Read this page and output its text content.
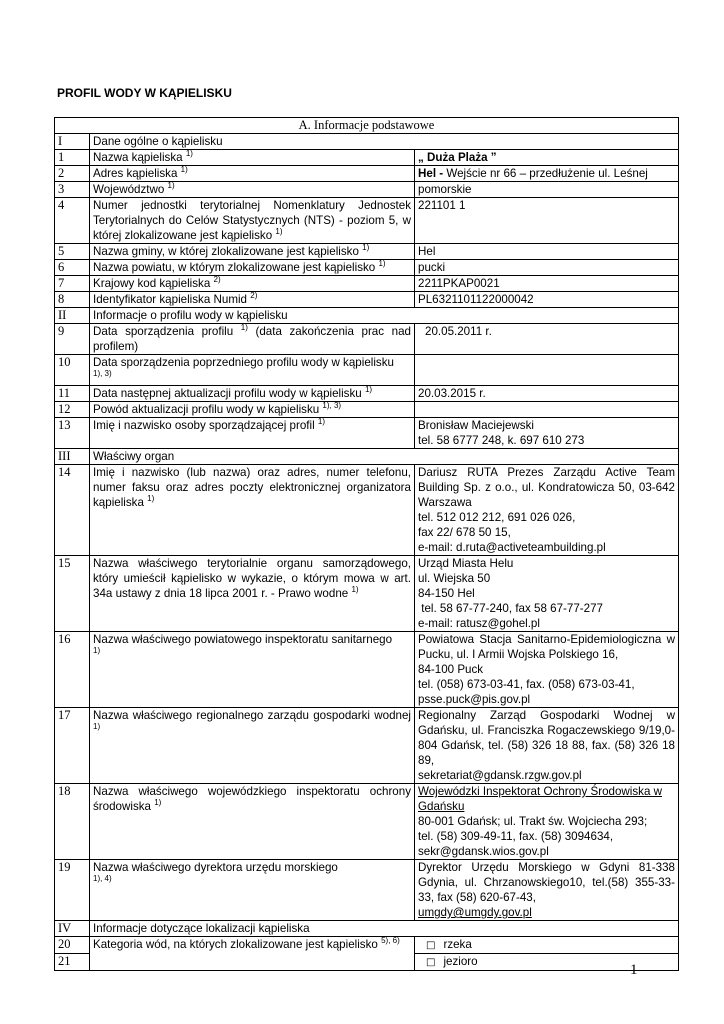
PROFIL WODY W KĄPIELISKU
A. Informacje podstawowe		
I	Dane ogólne o kąpielisku	
1	Nazwa kąpieliska $^{1)}$	„ Duża Plaża ”
2	Adres kąpieliska $^{1)}$	Hel - Wejście nr 66 – przedłużenie ul. Leśnej
3	Województwo $^{1)}$	pomorskie
4	Numer jednostki terytorialnej Nomenklatury Jednostek Terytorialnych do Celów Statystycznych (NTS) - poziom 5, w której zlokalizowane jest kąpielisko $^{1)}$	221101 1
5	Nazwa gminy, w której zlokalizowane jest kąpielisko $^{1)}$	Hel
6	Nazwa powiatu, w którym zlokalizowane jest kąpielisko $^{1)}$	pucki
7	Krajowy kod kąpieliska $^{2)}$	2211PKAP0021
8	Identyfikator kąpieliska Numid $^{2)}$	PL6321101122000042
II	Informacje o profilu wody w kąpielisku	
9	Data sporządzenia profilu $^{1)}$ (data zakończenia prac nad profilem)	20.05.2011 r.
10	Data sporządzenia poprzedniego profilu wody w kąpielisku
$^{1), 3)}$	
11	Data następnej aktualizacji profilu wody w kąpielisku $^{1)}$	20.03.2015 r.
12	Powód aktualizacji profilu wody w kąpielisku $^{1), 3)}$	
13	Imię i nazwisko osoby sporządzającej profil $^{1)}$	Bronisław Maciejewski
tel. 58 6777 248, k. 697 610 273
III	Właściwy organ	
14	Imię i nazwisko (lub nazwa) oraz adres, numer telefonu, numer faksu oraz adres poczty elektronicznej organizatora kąpieliska $^{1)}$	Dariusz RUTA Prezes Zarządu Active Team Building Sp. z o.o., ul. Kondratowicza 50, 03-642 Warszawa
tel. 512 012 212, 691 026 026,
fax 22/ 678 50 15,
e-mail: d.ruta@activeteambuilding.pl
15	Nazwa właściwego terytorialnie organu samorządowego, który umieścił kąpielisko w wykazie, o którym mowa w art. 34a ustawy z dnia 18 lipca 2001 r. - Prawo wodne $^{1)}$	Urząd Miasta Helu
ul. Wiejska 50
84-150 Hel
tel. 58 67-77-240, fax 58 67-77-277
e-mail: ratusz@gohel.pl
16	Nazwa właściwego powiatowego inspektoratu sanitarnego
$^{1)}$	Powiatowa Stacja Sanitarno-Epidemiologiczna w Pucku, ul. I Armii Wojska Polskiego 16,
84-100 Puck
tel. (058) 673-03-41, fax. (058) 673-03-41,
psse.puck@pis.gov.pl
17	Nazwa właściwego regionalnego zarządu gospodarki wodnej $^{1)}$	Regionalny Zarząd Gospodarki Wodnej w Gdańsku, ul. Franciszka Rogaczewskiego 9/19,0-804 Gdańsk, tel. (58) 326 18 88, fax. (58) 326 18 89,
sekretariat@gdansk.rzgw.gov.pl
18	Nazwa właściwego wojewódzkiego inspektoratu ochrony środowiska $^{1)}$	Wojewódzki Inspektorat Ochrony Środowiska w Gdańsku
80-001 Gdańsk; ul. Trakt św. Wojciecha 293;
tel. (58) 309-49-11, fax. (58) 3094634,
sekr@gdansk.wios.gov.pl
19	Nazwa właściwego dyrektora urzędu morskiego
$^{1), 4)}$	Dyrektor Urzędu Morskiego w Gdyni 81-338 Gdynia, ul. Chrzanowskiego10, tel.(58) 355-33-33, fax (58) 620-67-43,
umgdy@umgdy.gov.pl
IV	Informacje dotyczące lokalizacji kąpieliska	
20	Kategoria wód, na których zlokalizowane jest kąpielisko $^{5), 6)}$	□ rzeka
21		□ jezioro
1
